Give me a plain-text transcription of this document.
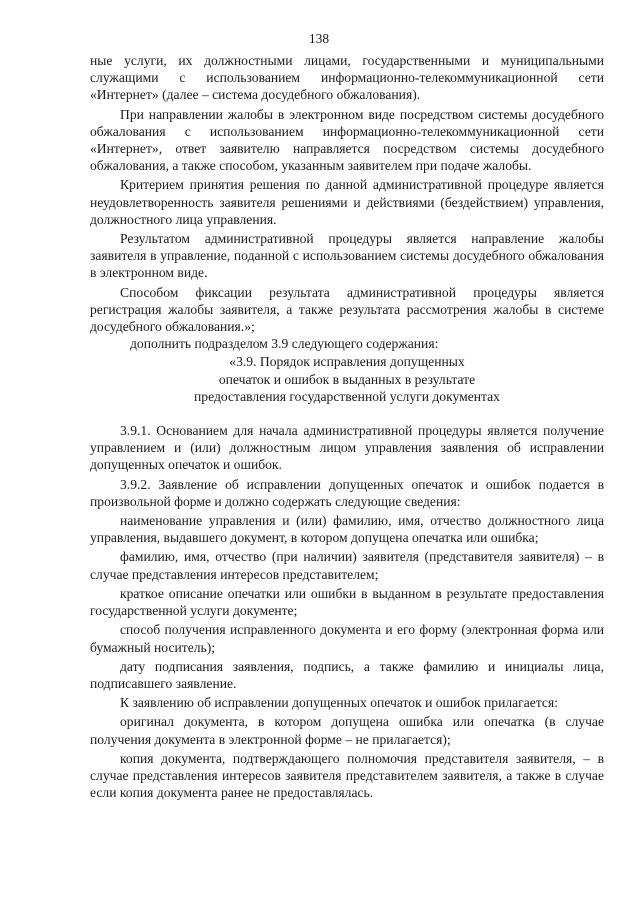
138

ные услуги, их должностными лицами, государственными и муниципальными служащими с использованием информационно-телекоммуникационной сети «Интернет» (далее – система досудебного обжалования).

При направлении жалобы в электронном виде посредством системы досудебного обжалования с использованием информационно-телекоммуникационной сети «Интернет», ответ заявителю направляется посредством системы досудебного обжалования, а также способом, указанным заявителем при подаче жалобы.

Критерием принятия решения по данной административной процедуре является неудовлетворенность заявителя решениями и действиями (бездействием) управления, должностного лица управления.

Результатом административной процедуры является направление жалобы заявителя в управление, поданной с использованием системы досудебного обжалования в электронном виде.

Способом фиксации результата административной процедуры является регистрация жалобы заявителя, а также результата рассмотрения жалобы в системе досудебного обжалования.»;

дополнить подразделом 3.9 следующего содержания:

«3.9. Порядок исправления допущенных

опечаток и ошибок в выданных в результате

предоставления государственной услуги документах

3.9.1. Основанием для начала административной процедуры является получение управлением и (или) должностным лицом управления заявления об исправлении допущенных опечаток и ошибок.

3.9.2. Заявление об исправлении допущенных опечаток и ошибок подается в произвольной форме и должно содержать следующие сведения:

наименование управления и (или) фамилию, имя, отчество должностного лица управления, выдавшего документ, в котором допущена опечатка или ошибка;

фамилию, имя, отчество (при наличии) заявителя (представителя заявителя) – в случае представления интересов представителем;

краткое описание опечатки или ошибки в выданном в результате предоставления государственной услуги документе;

способ получения исправленного документа и его форму (электронная форма или бумажный носитель);

дату подписания заявления, подпись, а также фамилию и инициалы лица, подписавшего заявление.

К заявлению об исправлении допущенных опечаток и ошибок прилагается:

оригинал документа, в котором допущена ошибка или опечатка (в случае получения документа в электронной форме – не прилагается);

копия документа, подтверждающего полномочия представителя заявителя, – в случае представления интересов заявителя представителем заявителя, а также в случае если копия документа ранее не предоставлялась.
